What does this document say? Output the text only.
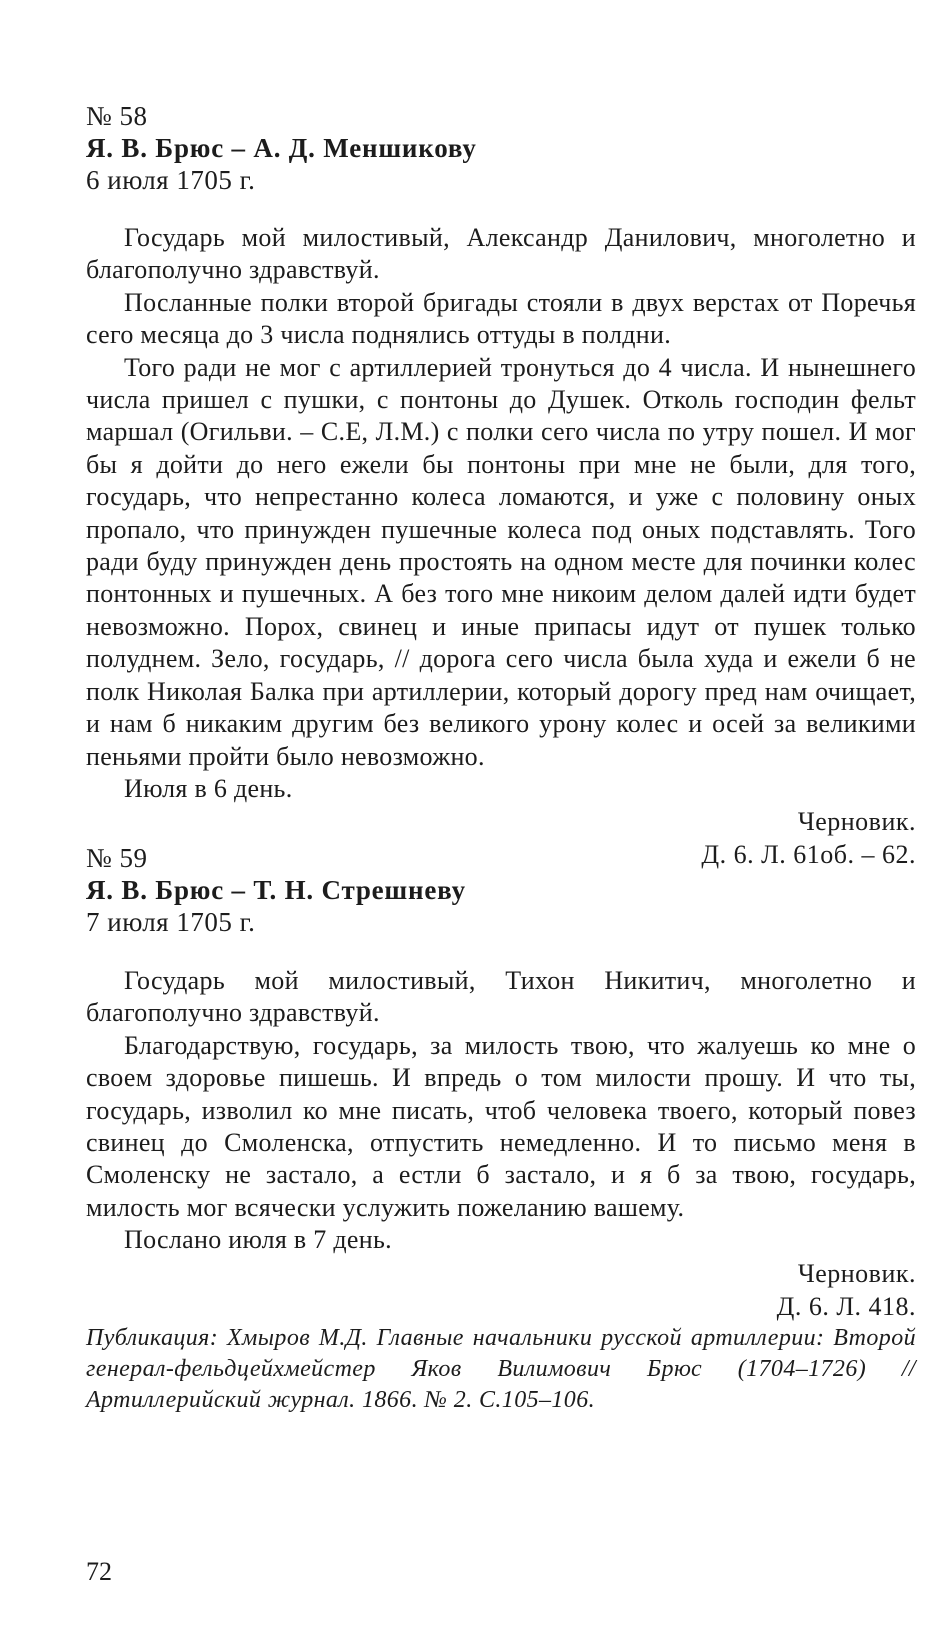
№ 58

Я. В. Брюс – А. Д. Меншикову

6 июля 1705 г.

Государь мой милостивый, Александр Данилович, многолетно и благополучно здравствуй.

Посланные полки второй бригады стояли в двух верстах от Поречья сего месяца до 3 числа поднялись оттуды в полдни.

Того ради не мог с артиллерией тронуться до 4 числа. И нынешнего числа пришел с пушки, с понтоны до Душек. Отколь господин фельт маршал (Огильви. – С.Е, Л.М.) с полки сего числа по утру пошел. И мог бы я дойти до него ежели бы понтоны при мне не были, для того, государь, что непрестанно колеса ломаются, и уже с половину оных пропало, что принужден пушечные колеса под оных подставлять. Того ради буду принужден день простоять на одном месте для починки колес понтонных и пушечных. А без того мне никоим делом далей идти будет невозможно. Порох, свинец и иные припасы идут от пушек только полуднем. Зело, государь, // дорога сего числа была худа и ежели б не полк Николая Балка при артиллерии, который дорогу пред нам очищает, и нам б никаким другим без великого урону колес и осей за великими пеньями пройти было невозможно.

Июля в 6 день.

Черновик.

Д. 6. Л. 61об. – 62.

№ 59

Я. В. Брюс – Т. Н. Стрешневу

7 июля 1705 г.

Государь мой милостивый, Тихон Никитич, многолетно и благополучно здравствуй.

Благодарствую, государь, за милость твою, что жалуешь ко мне о своем здоровье пишешь. И впредь о том милости прошу. И что ты, государь, изволил ко мне писать, чтоб человека твоего, который повез свинец до Смоленска, отпустить немедленно. И то письмо меня в Смоленску не застало, а естли б застало, и я б за твою, государь, милость мог всячески услужить пожеланию вашему.

Послано июля в 7 день.

Черновик.

Д. 6. Л. 418.

Публикация: Хмыров М.Д. Главные начальники русской артиллерии: Второй генерал-фельдцейхмейстер Яков Вилимович Брюс (1704–1726) // Артиллерийский журнал. 1866. № 2. С.105–106.

72
